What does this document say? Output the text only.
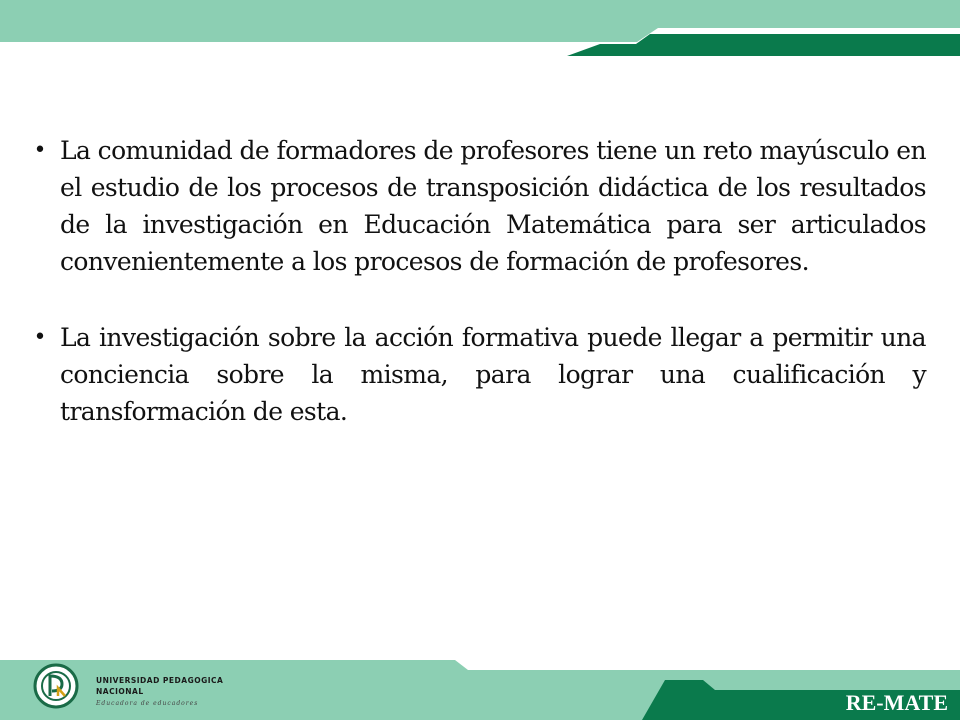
• La comunidad de formadores de profesores tiene un reto mayúsculo en el estudio de los procesos de transposición didáctica de los resultados de la investigación en Educación Matemática para ser articulados convenientemente a los procesos de formación de profesores.
• La investigación sobre la acción formativa puede llegar a permitir una conciencia sobre la misma, para lograr una cualificación y transformación de esta.
UNIVERSIDAD PEDAGOGICA
NACIONAL
Educadora de educadores	RE-MATE
